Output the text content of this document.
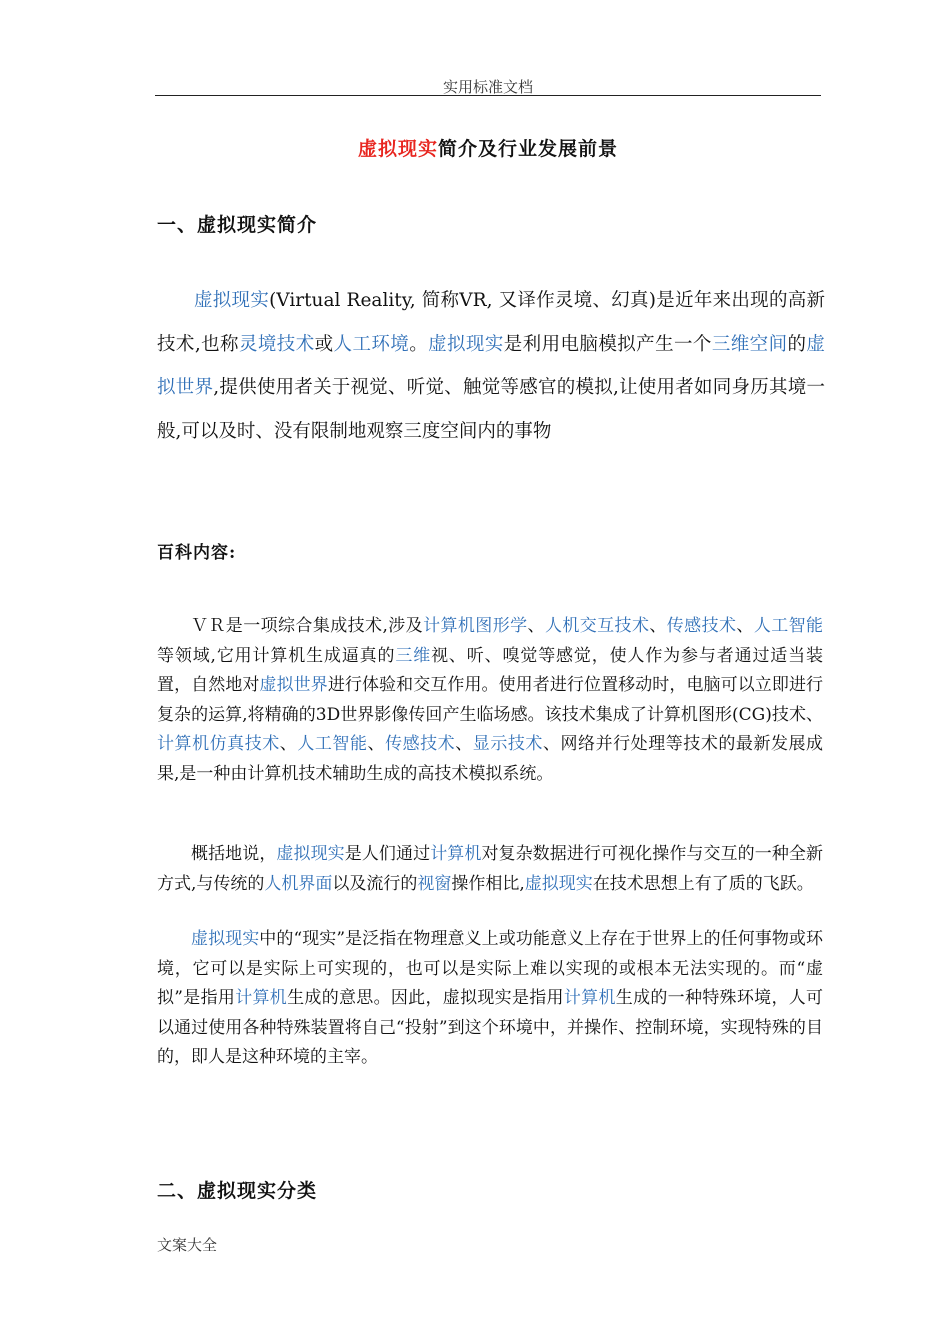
实用标准文档
虚拟现实简介及行业发展前景
一、虚拟现实简介

虚拟现实(Virtual Reality, 简称VR, 又译作灵境、幻真)是近年来出现的高新技术,也称灵境技术或人工环境。虚拟现实是利用电脑模拟产生一个三维空间的虚拟世界,提供使用者关于视觉、听觉、触觉等感官的模拟,让使用者如同身历其境一般,可以及时、没有限制地观察三度空间内的事物

百科内容:

ＶＲ是一项综合集成技术,涉及计算机图形学、人机交互技术、传感技术、人工智能等领域,它用计算机生成逼真的三维视、听、嗅觉等感觉，使人作为参与者通过适当装置，自然地对虚拟世界进行体验和交互作用。使用者进行位置移动时，电脑可以立即进行复杂的运算,将精确的3D世界影像传回产生临场感。该技术集成了计算机图形(CG)技术、计算机仿真技术、人工智能、传感技术、显示技术、网络并行处理等技术的最新发展成果,是一种由计算机技术辅助生成的高技术模拟系统。

概括地说，虚拟现实是人们通过计算机对复杂数据进行可视化操作与交互的一种全新方式,与传统的人机界面以及流行的视窗操作相比,虚拟现实在技术思想上有了质的飞跃。

虚拟现实中的“现实”是泛指在物理意义上或功能意义上存在于世界上的任何事物或环境，它可以是实际上可实现的，也可以是实际上难以实现的或根本无法实现的。而“虚拟”是指用计算机生成的意思。因此，虚拟现实是指用计算机生成的一种特殊环境，人可以通过使用各种特殊装置将自己“投射”到这个环境中，并操作、控制环境，实现特殊的目的，即人是这种环境的主宰。

二、虚拟现实分类
文案大全
